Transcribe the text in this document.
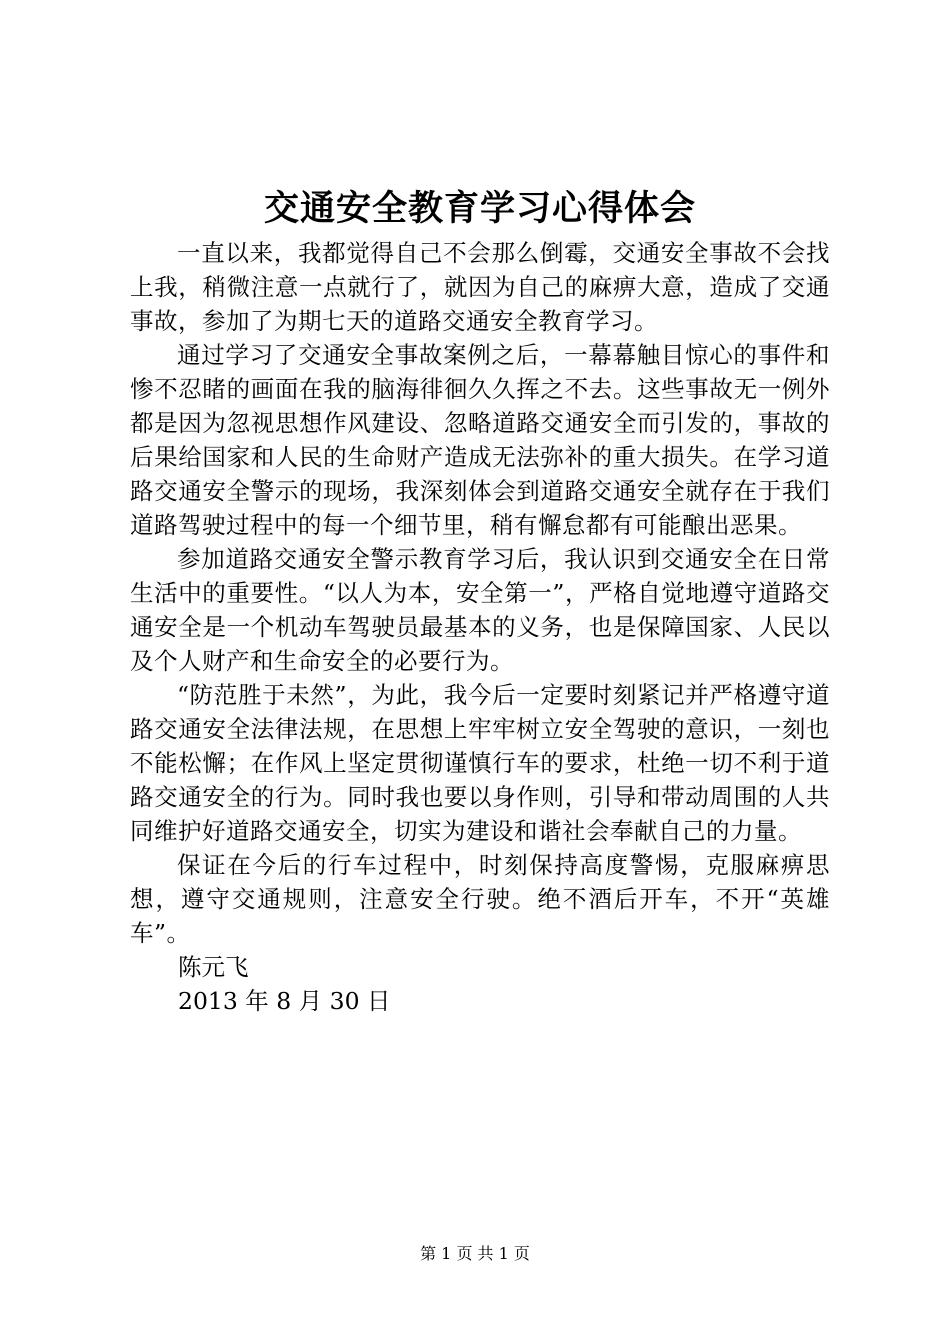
交通安全教育学习心得体会

一直以来，我都觉得自己不会那么倒霉，交通安全事故不会找上我，稍微注意一点就行了，就因为自己的麻痹大意，造成了交通事故，参加了为期七天的道路交通安全教育学习。

通过学习了交通安全事故案例之后，一幕幕触目惊心的事件和惨不忍睹的画面在我的脑海徘徊久久挥之不去。这些事故无一例外都是因为忽视思想作风建设、忽略道路交通安全而引发的，事故的后果给国家和人民的生命财产造成无法弥补的重大损失。在学习道路交通安全警示的现场，我深刻体会到道路交通安全就存在于我们道路驾驶过程中的每一个细节里，稍有懈怠都有可能酿出恶果。

参加道路交通安全警示教育学习后，我认识到交通安全在日常生活中的重要性。“以人为本，安全第一”，严格自觉地遵守道路交通安全是一个机动车驾驶员最基本的义务，也是保障国家、人民以及个人财产和生命安全的必要行为。

“防范胜于未然”，为此，我今后一定要时刻紧记并严格遵守道路交通安全法律法规，在思想上牢牢树立安全驾驶的意识，一刻也不能松懈；在作风上坚定贯彻谨慎行车的要求，杜绝一切不利于道路交通安全的行为。同时我也要以身作则，引导和带动周围的人共同维护好道路交通安全，切实为建设和谐社会奉献自己的力量。

保证在今后的行车过程中，时刻保持高度警惕，克服麻痹思想，遵守交通规则，注意安全行驶。绝不酒后开车，不开“英雄车”。

陈元飞

2013 年 8 月 30 日

第 1 页 共 1 页
